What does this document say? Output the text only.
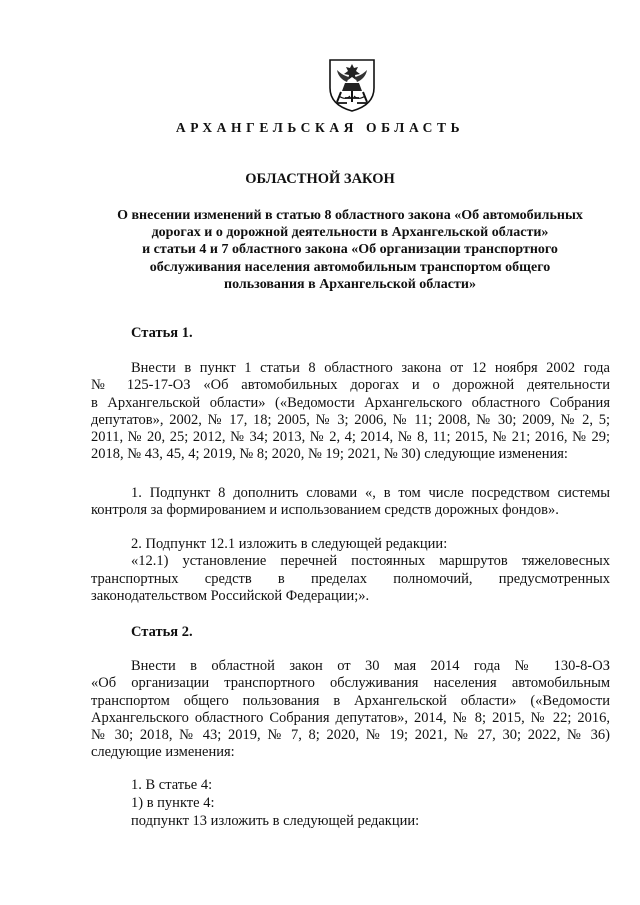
АРХАНГЕЛЬСКАЯ ОБЛАСТЬ
ОБЛАСТНОЙ ЗАКОН
О внесении изменений в статью 8 областного закона «Об автомобильных
дорогах и о дорожной деятельности в Архангельской области»
и статьи 4 и 7 областного закона «Об организации транспортного
обслуживания населения автомобильным транспортом общего
пользования в Архангельской области»
Статья 1.
Внести в пункт 1 статьи 8 областного закона от 12 ноября 2002 года
№ 125-17-ОЗ «Об автомобильных дорогах и о дорожной деятельности
в Архангельской области» («Ведомости Архангельского областного Собрания
депутатов», 2002, № 17, 18; 2005, № 3; 2006, № 11; 2008, № 30; 2009, № 2, 5;
2011, № 20, 25; 2012, № 34; 2013, № 2, 4; 2014, № 8, 11; 2015, № 21; 2016, № 29;
2018, № 43, 45, 4; 2019, № 8; 2020, № 19; 2021, № 30) следующие изменения:
1. Подпункт 8 дополнить словами «, в том числе посредством системы
контроля за формированием и использованием средств дорожных фондов».
2. Подпункт 12.1 изложить в следующей редакции:
«12.1) установление перечней постоянных маршрутов тяжеловесных
транспортных средств в пределах полномочий, предусмотренных
законодательством Российской Федерации;».
Статья 2.
Внести в областной закон от 30 мая 2014 года № 130-8-ОЗ
«Об организации транспортного обслуживания населения автомобильным
транспортом общего пользования в Архангельской области» («Ведомости
Архангельского областного Собрания депутатов», 2014, № 8; 2015, № 22; 2016,
№ 30; 2018, № 43; 2019, № 7, 8; 2020, № 19; 2021, № 27, 30; 2022, № 36)
следующие изменения:
1. В статье 4:
1) в пункте 4:
подпункт 13 изложить в следующей редакции:
